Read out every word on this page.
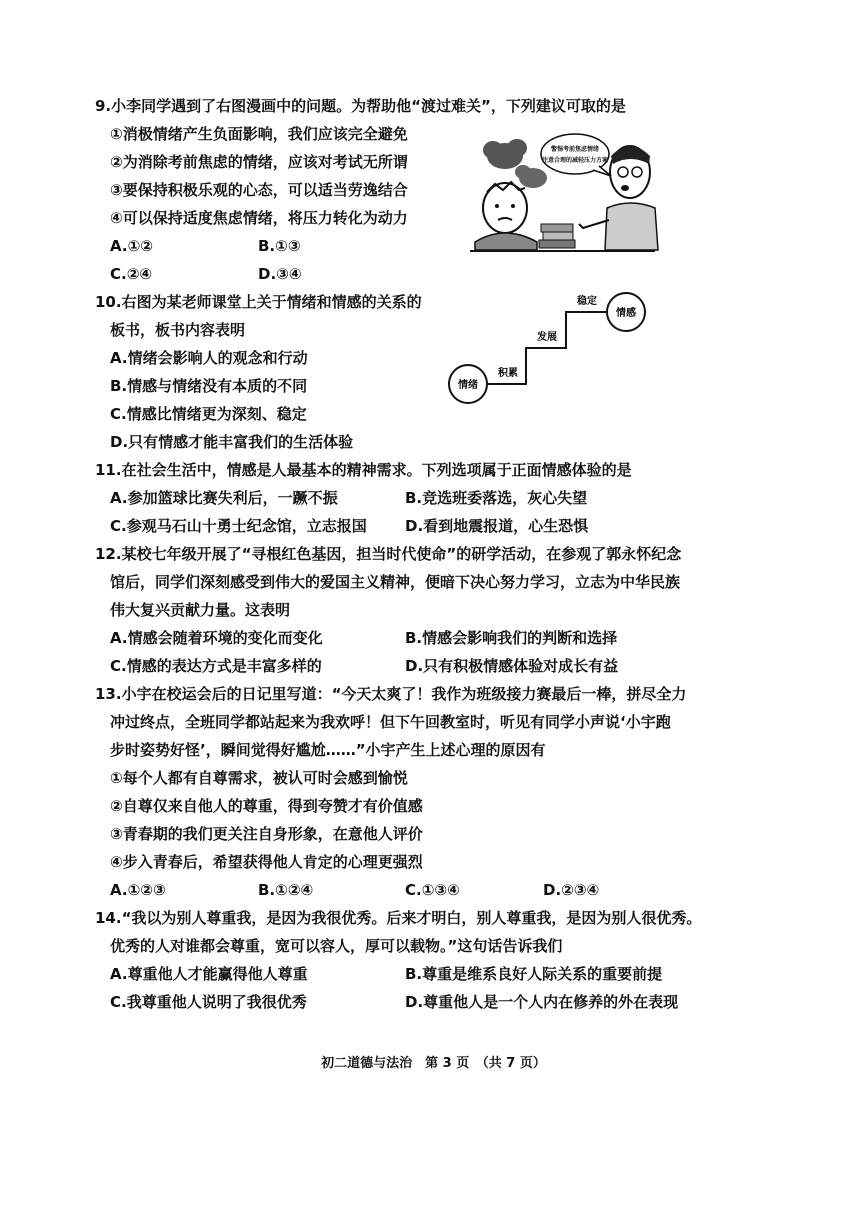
9.小李同学遇到了右图漫画中的问题。为帮助他“渡过难关”，下列建议可取的是
①消极情绪产生负面影响，我们应该完全避免
②为消除考前焦虑的情绪，应该对考试无所谓
③要保持积极乐观的心态，可以适当劳逸结合
④可以保持适度焦虑情绪，将压力转化为动力
A.①②	B.①③
C.②④	D.③④
警惕考前焦虑情绪
注意合理的减轻压力方案
10.右图为某老师课堂上关于情绪和情感的关系的
板书，板书内容表明
A.情绪会影响人的观念和行动
B.情感与情绪没有本质的不同
C.情感比情绪更为深刻、稳定
D.只有情感才能丰富我们的生活体验
情绪
积累
发展
稳定
情感
11.在社会生活中，情感是人最基本的精神需求。下列选项属于正面情感体验的是
A.参加篮球比赛失利后，一蹶不振	B.竞选班委落选，灰心失望
C.参观马石山十勇士纪念馆，立志报国	D.看到地震报道，心生恐惧
12.某校七年级开展了“寻根红色基因，担当时代使命”的研学活动，在参观了郭永怀纪念
馆后，同学们深刻感受到伟大的爱国主义精神，便暗下决心努力学习，立志为中华民族
伟大复兴贡献力量。这表明
A.情感会随着环境的变化而变化	B.情感会影响我们的判断和选择
C.情感的表达方式是丰富多样的	D.只有积极情感体验对成长有益
13.小宇在校运会后的日记里写道：“今天太爽了！我作为班级接力赛最后一棒，拼尽全力
冲过终点，全班同学都站起来为我欢呼！但下午回教室时，听见有同学小声说‘小宇跑
步时姿势好怪’，瞬间觉得好尴尬……”小宇产生上述心理的原因有
①每个人都有自尊需求，被认可时会感到愉悦
②自尊仅来自他人的尊重，得到夸赞才有价值感
③青春期的我们更关注自身形象，在意他人评价
④步入青春后，希望获得他人肯定的心理更强烈
A.①②③	B.①②④	C.①③④	D.②③④
14.“我以为别人尊重我，是因为我很优秀。后来才明白，别人尊重我，是因为别人很优秀。
优秀的人对谁都会尊重，宽可以容人，厚可以载物。”这句话告诉我们
A.尊重他人才能赢得他人尊重	B.尊重是维系良好人际关系的重要前提
C.我尊重他人说明了我很优秀	D.尊重他人是一个人内在修养的外在表现
初二道德与法治　第 3 页　（共 7 页）
